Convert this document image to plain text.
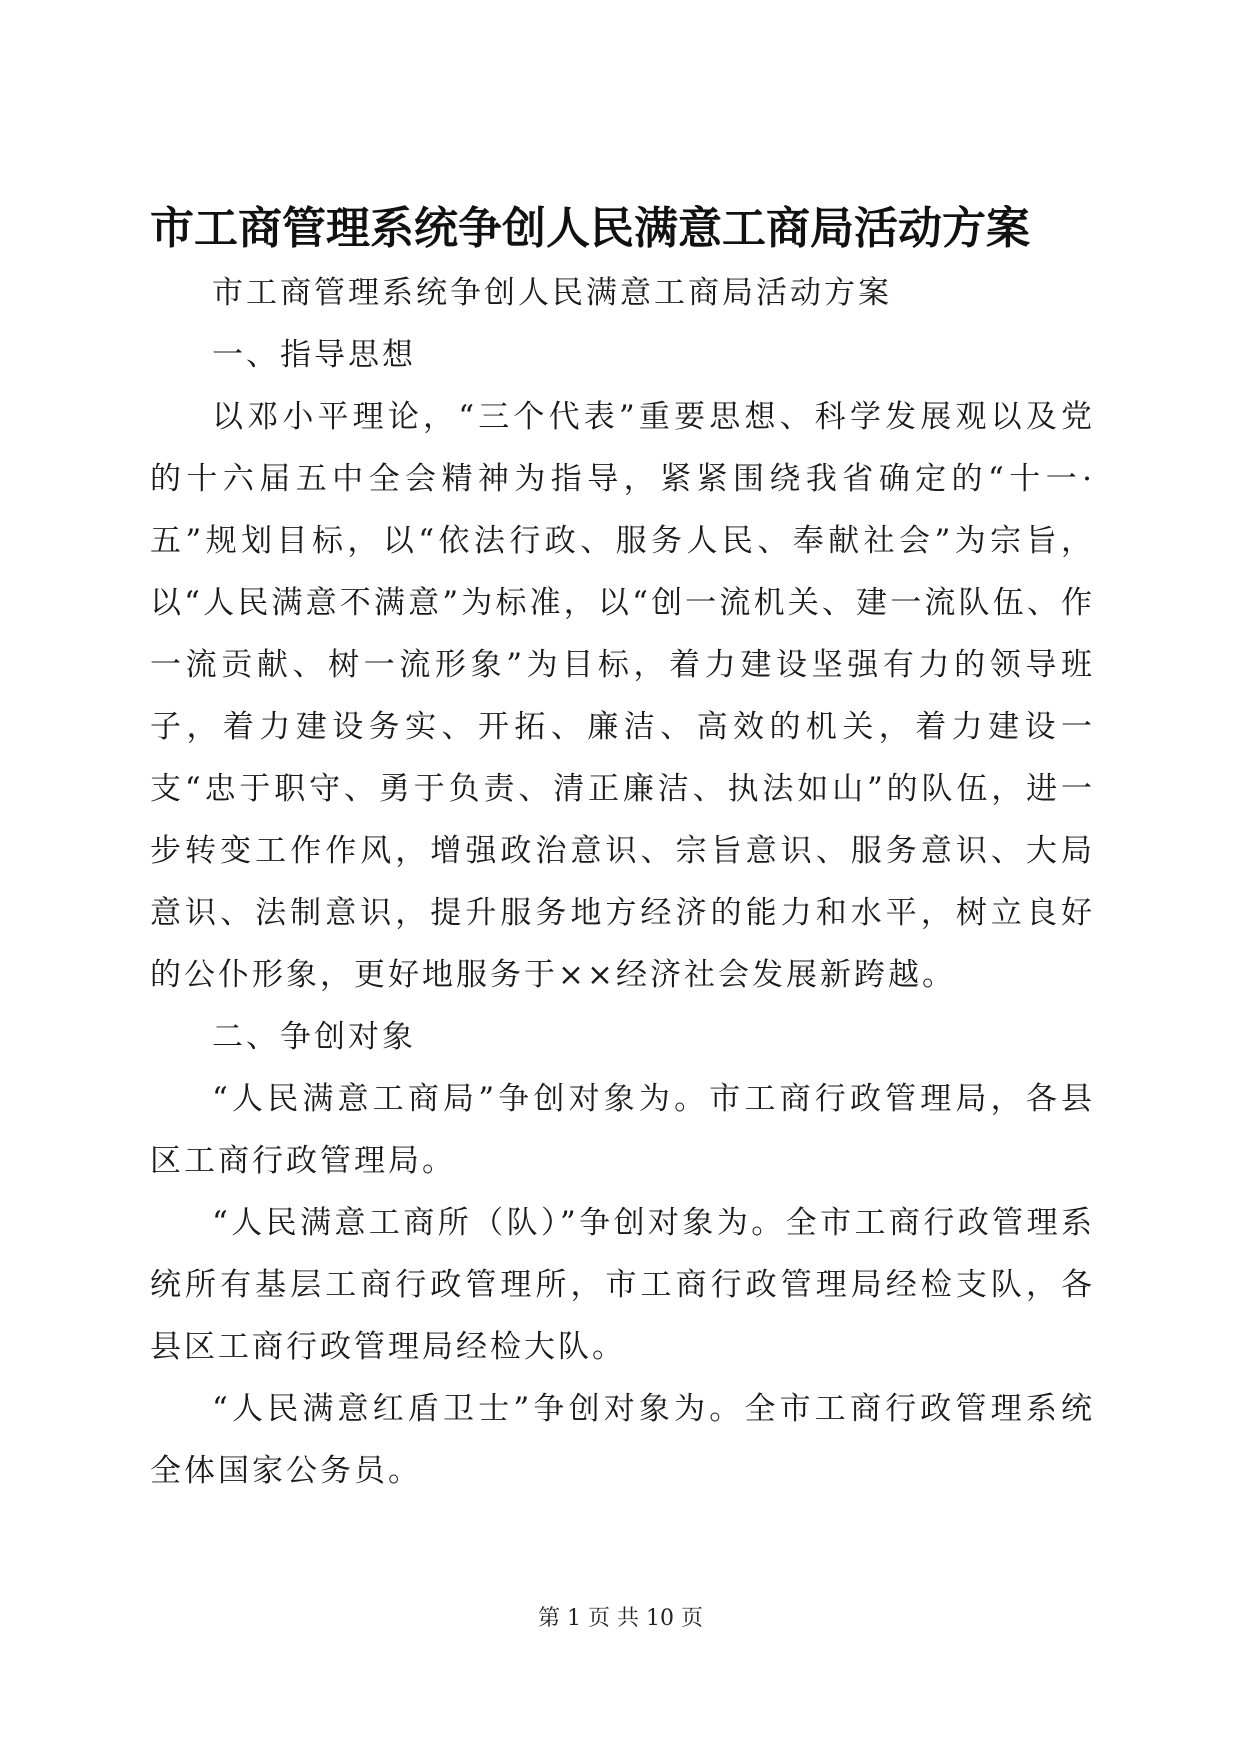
市工商管理系统争创人民满意工商局活动方案

市工商管理系统争创人民满意工商局活动方案

一、指导思想

以邓小平理论，“三个代表”重要思想、科学发展观以及党的十六届五中全会精神为指导，紧紧围绕我省确定的“十一·五”规划目标，以“依法行政、服务人民、奉献社会”为宗旨，以“人民满意不满意”为标准，以“创一流机关、建一流队伍、作一流贡献、树一流形象”为目标，着力建设坚强有力的领导班子，着力建设务实、开拓、廉洁、高效的机关，着力建设一支“忠于职守、勇于负责、清正廉洁、执法如山”的队伍，进一步转变工作作风，增强政治意识、宗旨意识、服务意识、大局意识、法制意识，提升服务地方经济的能力和水平，树立良好的公仆形象，更好地服务于××经济社会发展新跨越。

二、争创对象

“人民满意工商局”争创对象为。市工商行政管理局，各县区工商行政管理局。

“人民满意工商所（队）”争创对象为。全市工商行政管理系统所有基层工商行政管理所，市工商行政管理局经检支队，各县区工商行政管理局经检大队。

“人民满意红盾卫士”争创对象为。全市工商行政管理系统全体国家公务员。

第 1 页 共 10 页
